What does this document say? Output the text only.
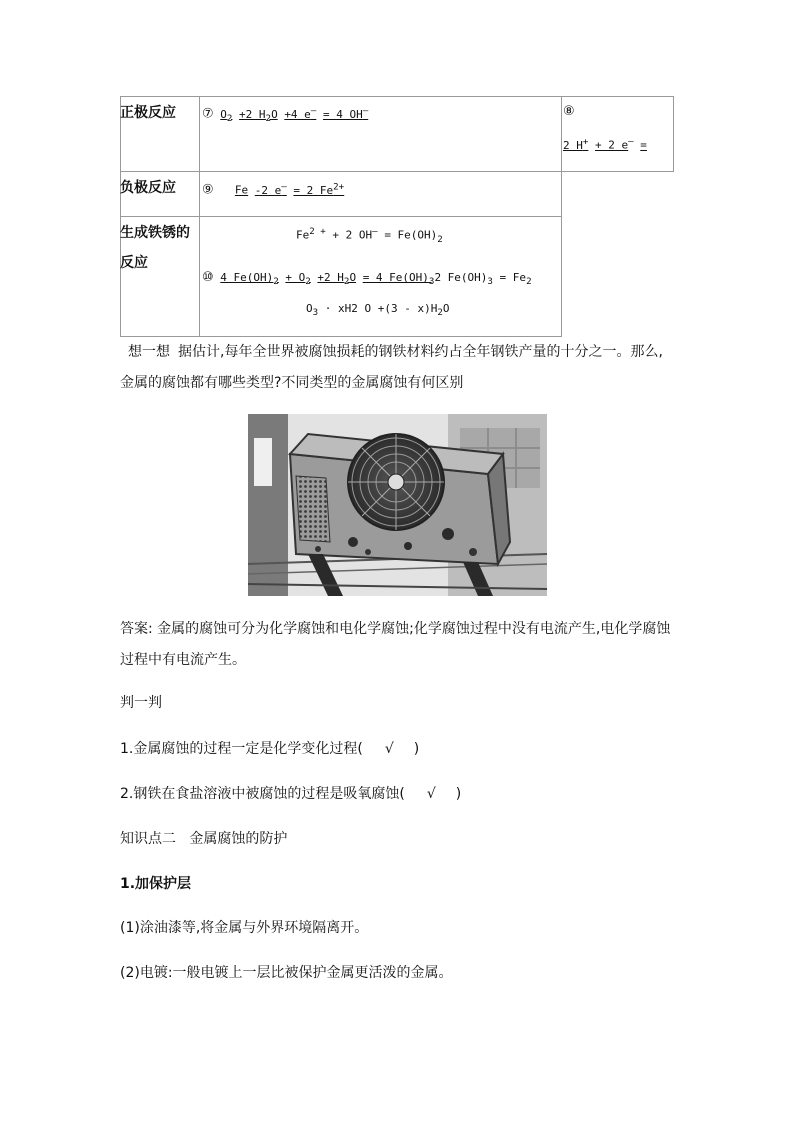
正极反应 ⑦ $O_2 +2$ $H_2O +4$ e– = 4 OH–	⑧
2 H+ + 2 e– =
负极反应 ⑨ Fe -2 e– = 2 $Fe^{2+}$
生成铁锈的
反应
$Fe^{2 +} + 2$ $OH^- = Fe(OH)_2$
⑩ 4 $Fe(OH)_2 + O_2 +2$ $H_2O = 4$ $Fe(OH)_32$ $Fe(OH)_3 = Fe_2$
$O_3 \cdot xH2$ $O +(3 - x)H_2O$
想一想 据估计,每年全世界被腐蚀损耗的钢铁材料约占全年钢铁产量的十分之一。那么,
金属的腐蚀都有哪些类型?不同类型的金属腐蚀有何区别
答案: 金属的腐蚀可分为化学腐蚀和电化学腐蚀;化学腐蚀过程中没有电流产生,电化学腐蚀
过程中有电流产生。
判一判
1.金属腐蚀的过程一定是化学变化过程( √ )
2.钢铁在食盐溶液中被腐蚀的过程是吸氧腐蚀( √ )
知识点二   金属腐蚀的防护
1.加保护层
(1)涂油漆等,将金属与外界环境隔离开。
(2)电镀:一般电镀上一层比被保护金属更活泼的金属。
